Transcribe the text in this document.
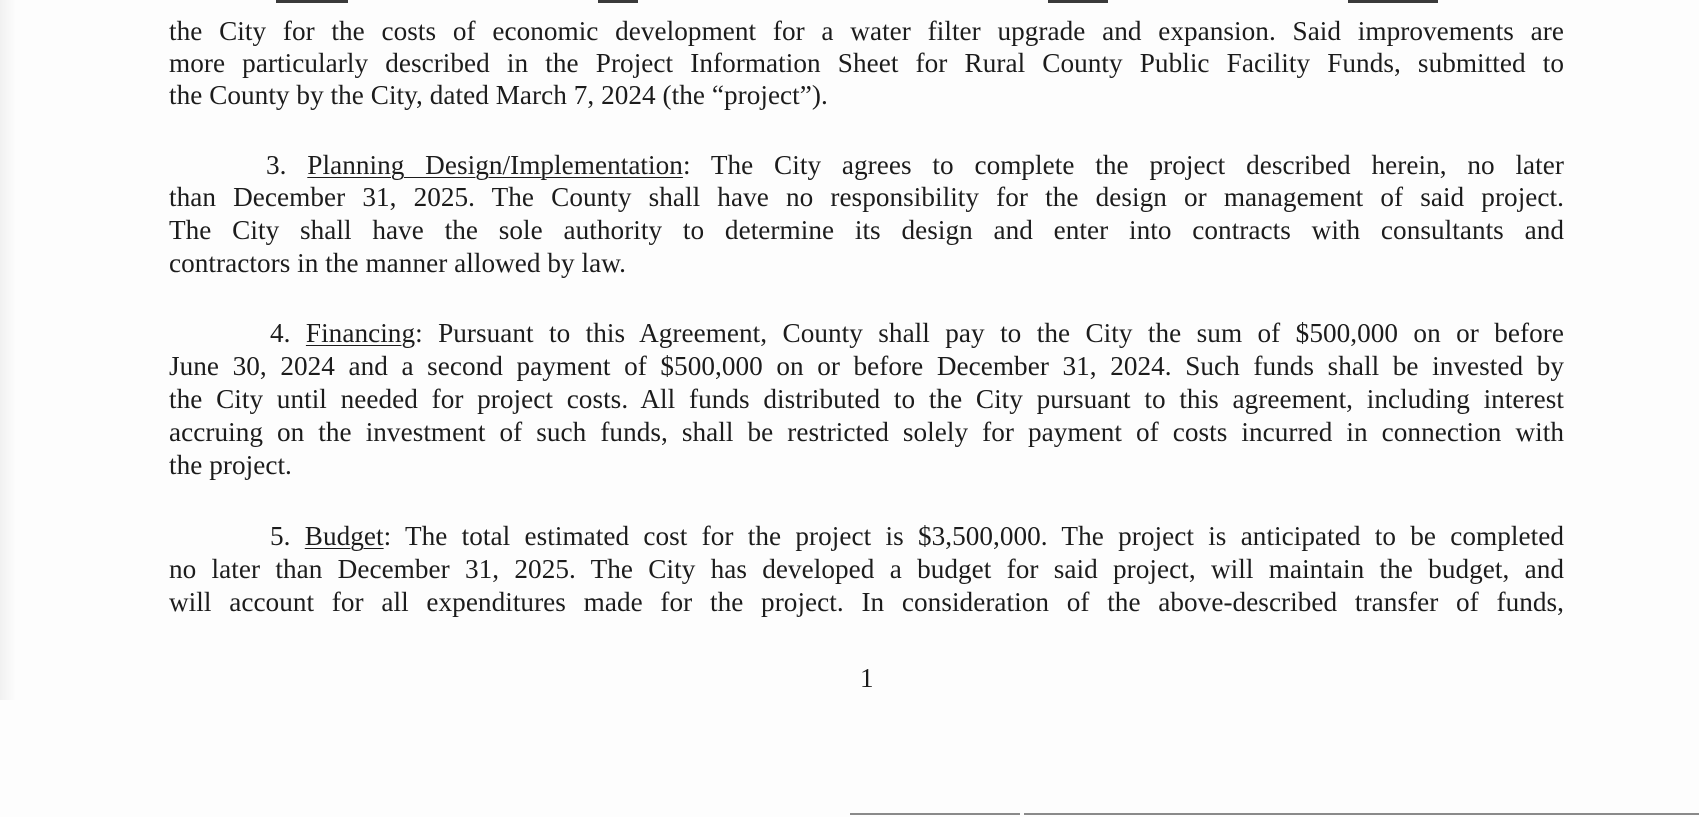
the City for the costs of economic development for a water filter upgrade and expansion. Said improvements are
more particularly described in the Project Information Sheet for Rural County Public Facility Funds, submitted to
the County by the City, dated March 7, 2024 (the “project”).
3. Planning Design/Implementation: The City agrees to complete the project described herein, no later
than December 31, 2025. The County shall have no responsibility for the design or management of said project.
The City shall have the sole authority to determine its design and enter into contracts with consultants and
contractors in the manner allowed by law.
4. Financing: Pursuant to this Agreement, County shall pay to the City the sum of $500,000 on or before
June 30, 2024 and a second payment of $500,000 on or before December 31, 2024. Such funds shall be invested by
the City until needed for project costs. All funds distributed to the City pursuant to this agreement, including interest
accruing on the investment of such funds, shall be restricted solely for payment of costs incurred in connection with
the project.
5. Budget: The total estimated cost for the project is $3,500,000. The project is anticipated to be completed
no later than December 31, 2025. The City has developed a budget for said project, will maintain the budget, and
will account for all expenditures made for the project. In consideration of the above-described transfer of funds,
1
